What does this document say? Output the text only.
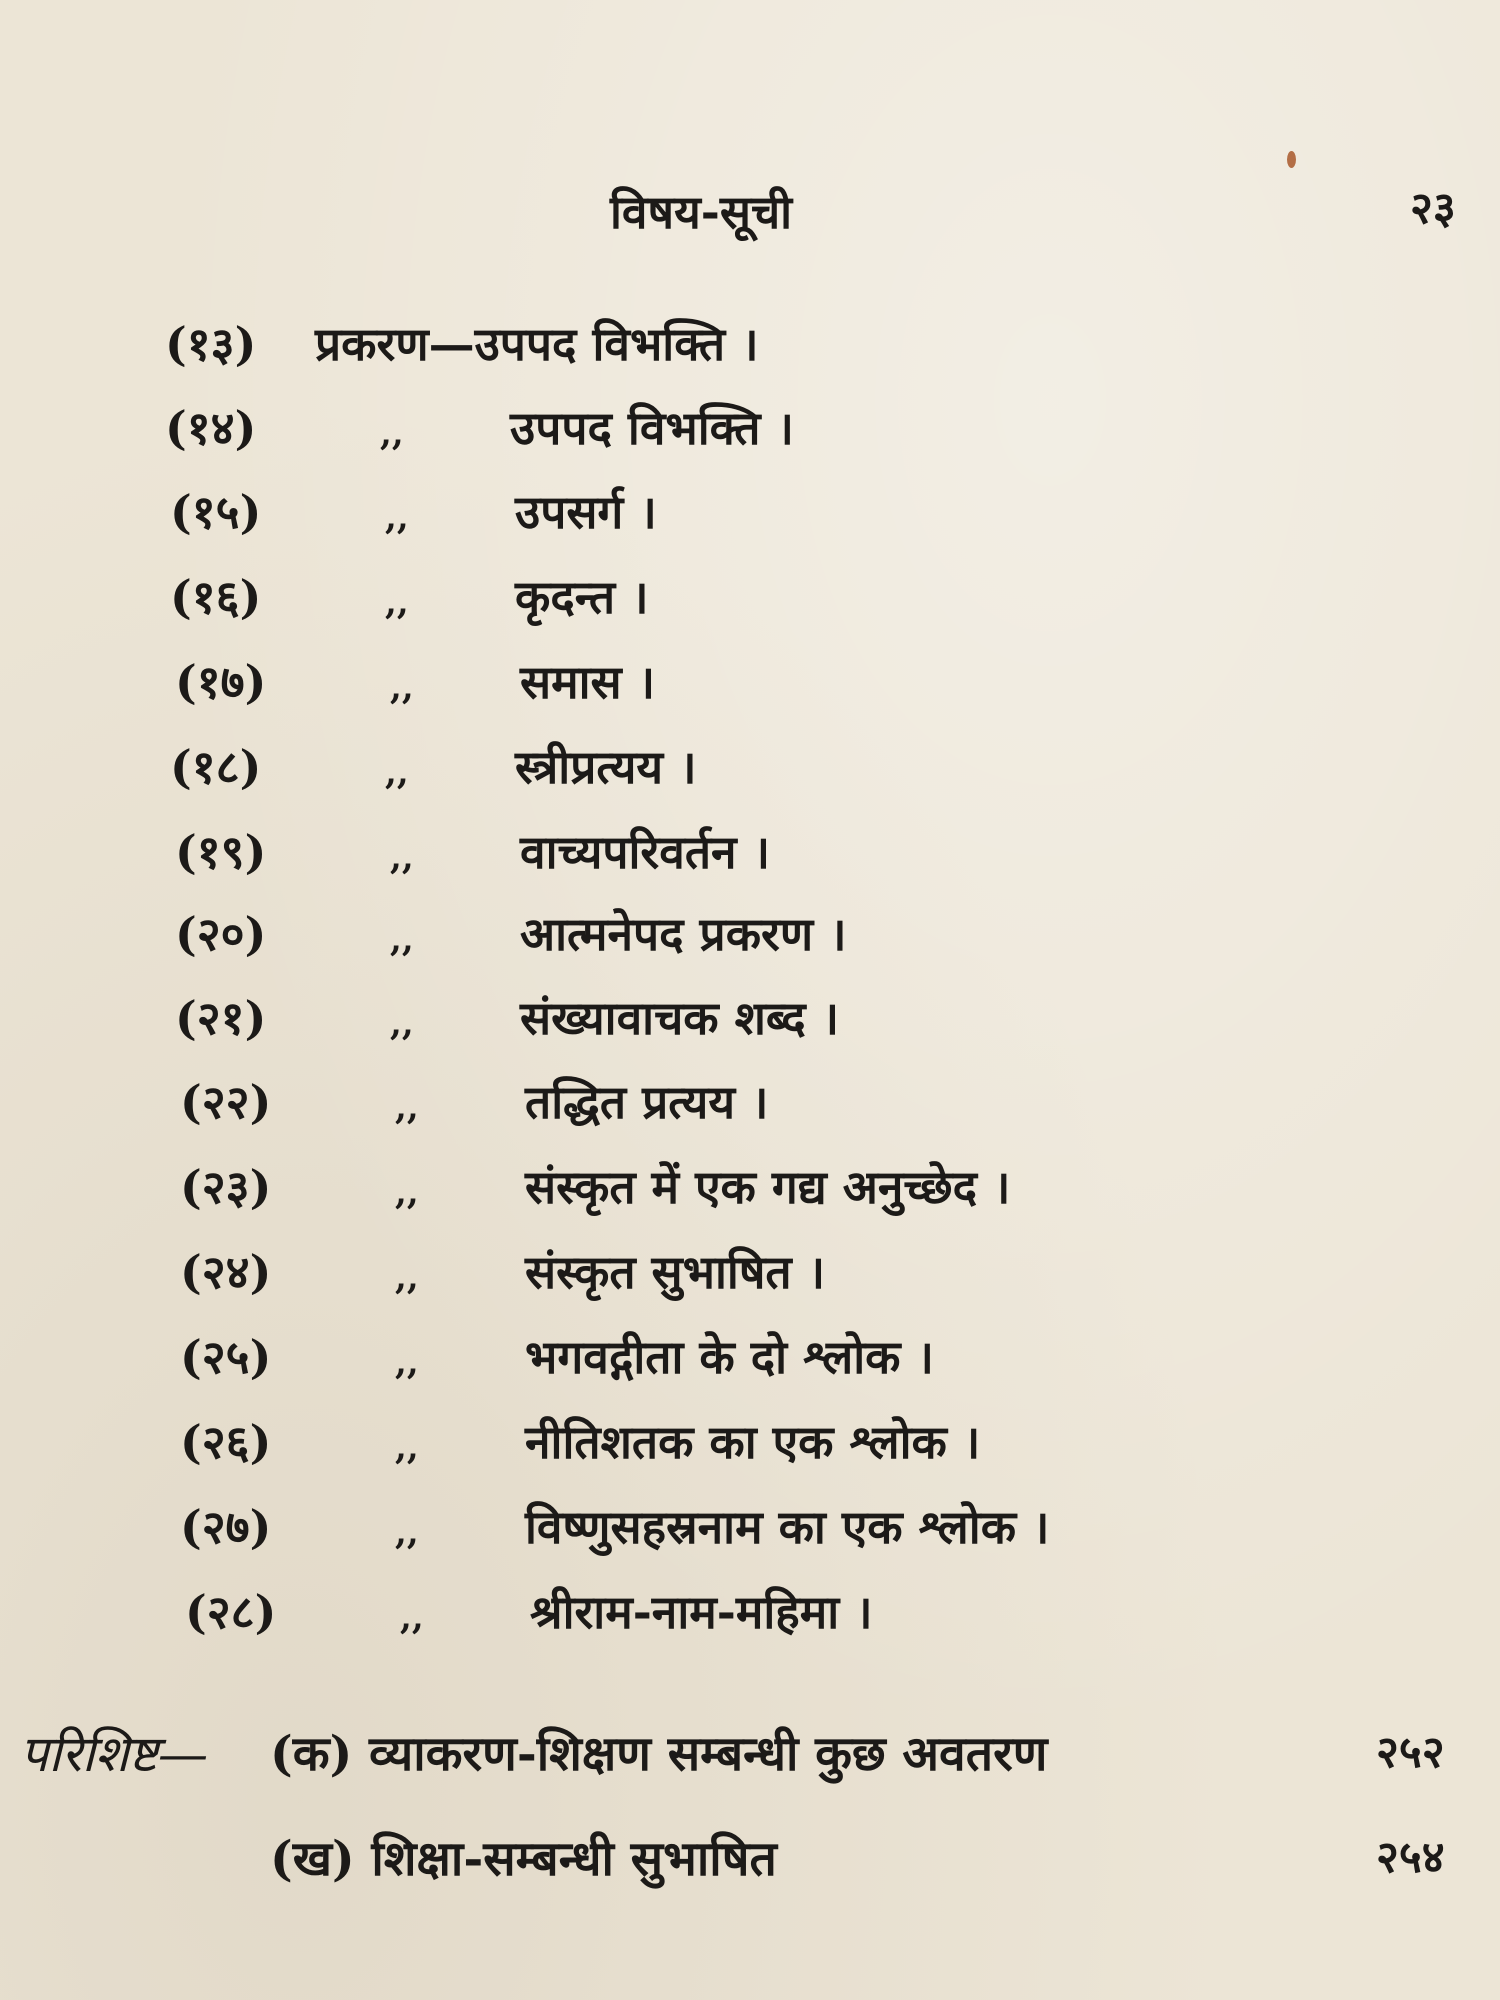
विषय-सूची	२३
(१३) प्रकरण—उपपद विभक्ति ।
(१४)	,, उपपद विभक्ति ।
(१५)	,, उपसर्ग ।
(१६)	,, कृदन्त ।
(१७)	,, समास ।
(१८)	,, स्त्रीप्रत्यय ।
(१९)	,, वाच्यपरिवर्तन ।
(२०)	,, आत्मनेपद प्रकरण ।
(२१)	,, संख्यावाचक शब्द ।
(२२)	,, तद्धित प्रत्यय ।
(२३)	,, संस्कृत में एक गद्य अनुच्छेद ।
(२४)	,, संस्कृत सुभाषित ।
(२५)	,, भगवद्गीता के दो श्लोक ।
(२६)	,, नीतिशतक का एक श्लोक ।
(२७)	,, विष्णुसहस्रनाम का एक श्लोक ।
(२८)	,, श्रीराम-नाम-महिमा ।
परिशिष्ट— (क) व्याकरण-शिक्षण सम्बन्धी कुछ अवतरण	२५२
(ख) शिक्षा-सम्बन्धी सुभाषित	२५४
